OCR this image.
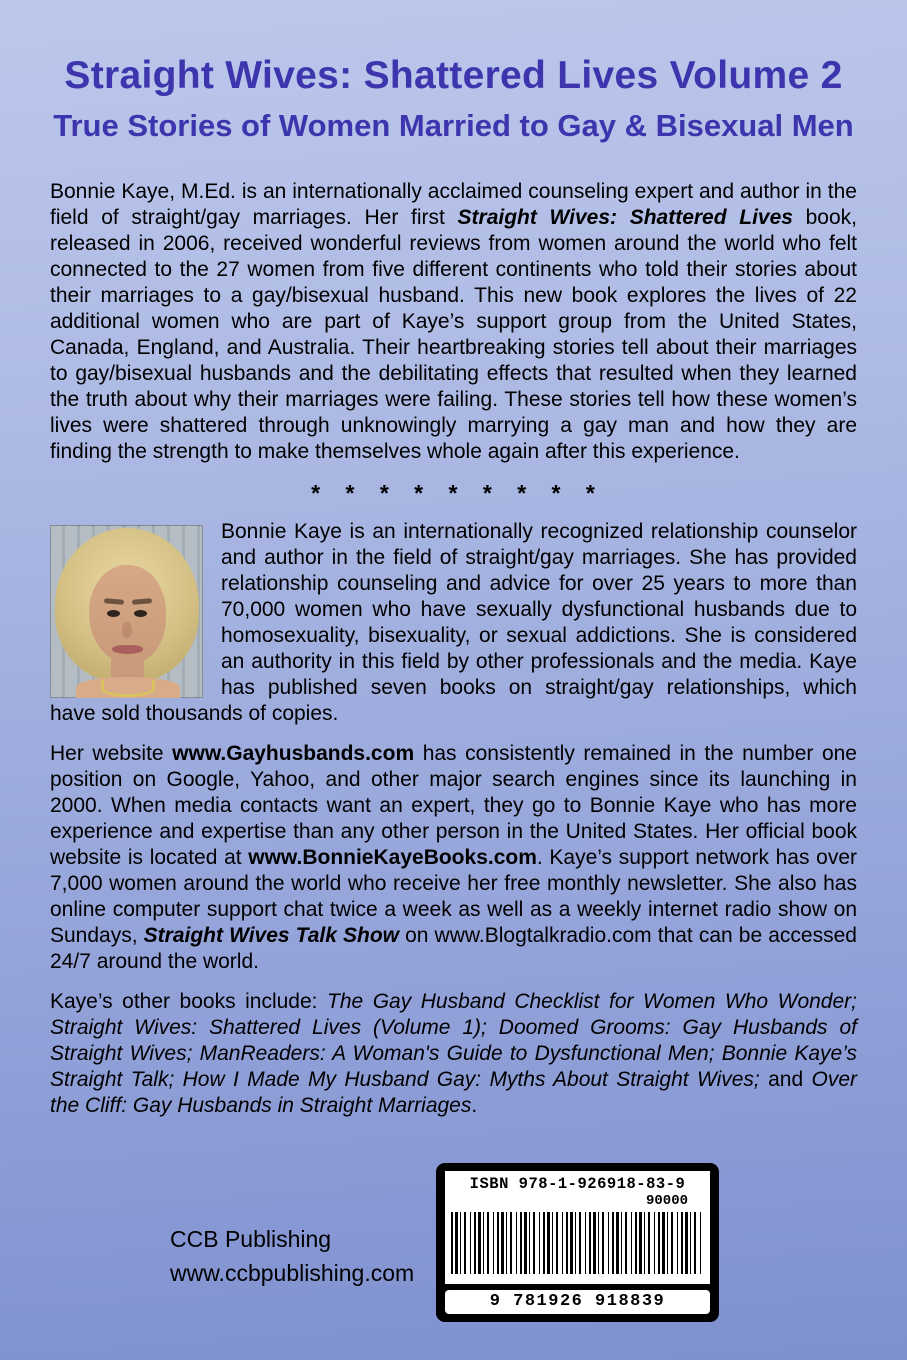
Straight Wives: Shattered Lives Volume 2
True Stories of Women Married to Gay & Bisexual Men
Bonnie Kaye, M.Ed. is an internationally acclaimed counseling expert and author in the field of straight/gay marriages. Her first Straight Wives: Shattered Lives book, released in 2006, received wonderful reviews from women around the world who felt connected to the 27 women from five different continents who told their stories about their marriages to a gay/bisexual husband. This new book explores the lives of 22 additional women who are part of Kaye’s support group from the United States, Canada, England, and Australia. Their heartbreaking stories tell about their marriages to gay/bisexual husbands and the debilitating effects that resulted when they learned the truth about why their marriages were failing. These stories tell how these women’s lives were shattered through unknowingly marrying a gay man and how they are finding the strength to make themselves whole again after this experience.
* * * * * * * * *
Bonnie Kaye is an internationally recognized relationship counselor and author in the field of straight/gay marriages. She has provided relationship counseling and advice for over 25 years to more than 70,000 women who have sexually dysfunctional husbands due to homosexuality, bisexuality, or sexual addictions. She is considered an authority in this field by other professionals and the media. Kaye has published seven books on straight/gay relationships, which have sold thousands of copies.
Her website www.Gayhusbands.com has consistently remained in the number one position on Google, Yahoo, and other major search engines since its launching in 2000. When media contacts want an expert, they go to Bonnie Kaye who has more experience and expertise than any other person in the United States. Her official book website is located at www.BonnieKayeBooks.com. Kaye’s support network has over 7,000 women around the world who receive her free monthly newsletter. She also has online computer support chat twice a week as well as a weekly internet radio show on Sundays, Straight Wives Talk Show on www.Blogtalkradio.com that can be accessed 24/7 around the world.
Kaye’s other books include: The Gay Husband Checklist for Women Who Wonder; Straight Wives: Shattered Lives (Volume 1); Doomed Grooms: Gay Husbands of Straight Wives; ManReaders: A Woman's Guide to Dysfunctional Men; Bonnie Kaye’s Straight Talk; How I Made My Husband Gay: Myths About Straight Wives; and Over the Cliff: Gay Husbands in Straight Marriages.
CCB Publishing
www.ccbpublishing.com
ISBN 978-1-926918-83-9
90000
9 781926 918839
